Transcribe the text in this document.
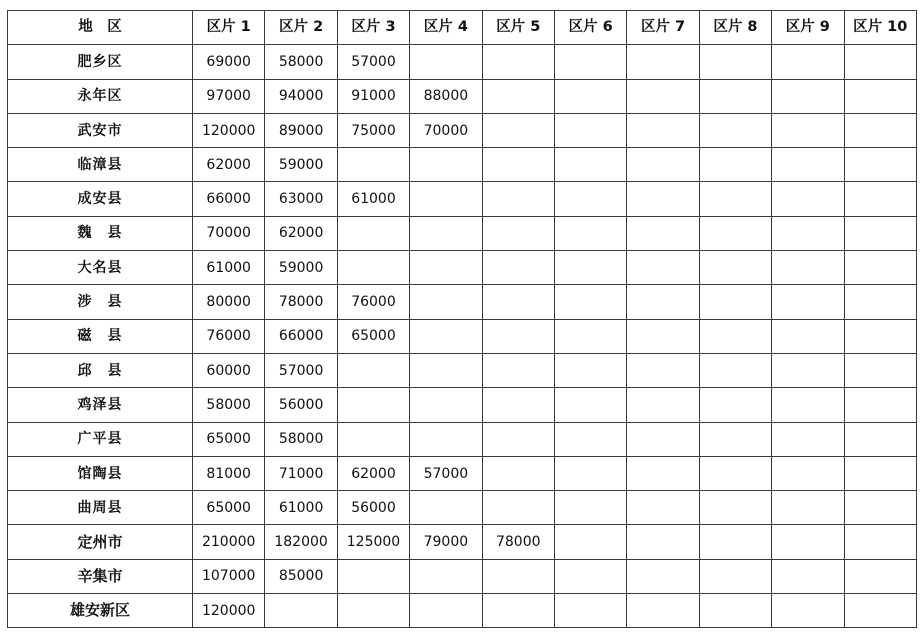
地　区	区片 1	区片 2	区片 3	区片 4	区片 5	区片 6	区片 7	区片 8	区片 9	区片 10
肥乡区	69000	58000	57000							
永年区	97000	94000	91000	88000						
武安市	120000	89000	75000	70000						
临漳县	62000	59000								
成安县	66000	63000	61000							
魏　县	70000	62000								
大名县	61000	59000								
涉　县	80000	78000	76000							
磁　县	76000	66000	65000							
邱　县	60000	57000								
鸡泽县	58000	56000								
广平县	65000	58000								
馆陶县	81000	71000	62000	57000						
曲周县	65000	61000	56000							
定州市	210000	182000	125000	79000	78000					
辛集市	107000	85000								
雄安新区	120000									
